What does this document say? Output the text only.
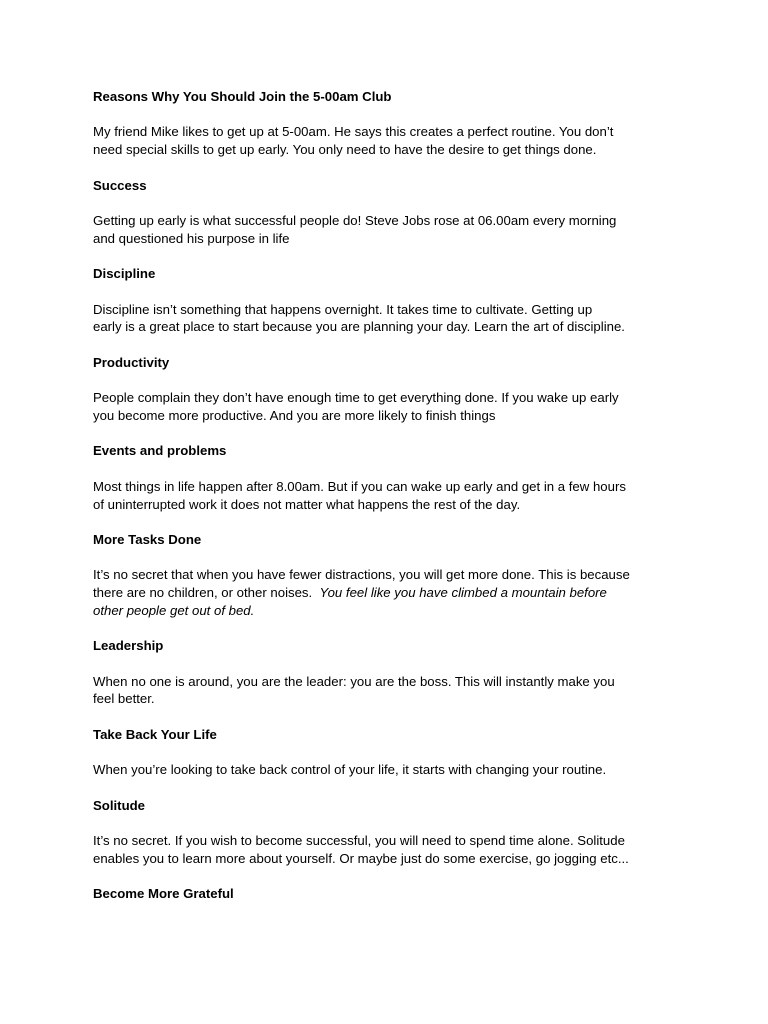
Reasons Why You Should Join the 5-00am Club
My friend Mike likes to get up at 5-00am. He says this creates a perfect routine. You don’t
need special skills to get up early. You only need to have the desire to get things done.
Success
Getting up early is what successful people do! Steve Jobs rose at 06.00am every morning
and questioned his purpose in life
Discipline
Discipline isn’t something that happens overnight. It takes time to cultivate. Getting up
early is a great place to start because you are planning your day. Learn the art of discipline.
Productivity
People complain they don’t have enough time to get everything done. If you wake up early
you become more productive. And you are more likely to finish things
Events and problems
Most things in life happen after 8.00am. But if you can wake up early and get in a few hours
of uninterrupted work it does not matter what happens the rest of the day.
More Tasks Done
It’s no secret that when you have fewer distractions, you will get more done. This is because
there are no children, or other noises.  You feel like you have climbed a mountain before
other people get out of bed.
Leadership
When no one is around, you are the leader: you are the boss. This will instantly make you
feel better.
Take Back Your Life
When you’re looking to take back control of your life, it starts with changing your routine.
Solitude
It’s no secret. If you wish to become successful, you will need to spend time alone. Solitude
enables you to learn more about yourself. Or maybe just do some exercise, go jogging etc...
Become More Grateful
